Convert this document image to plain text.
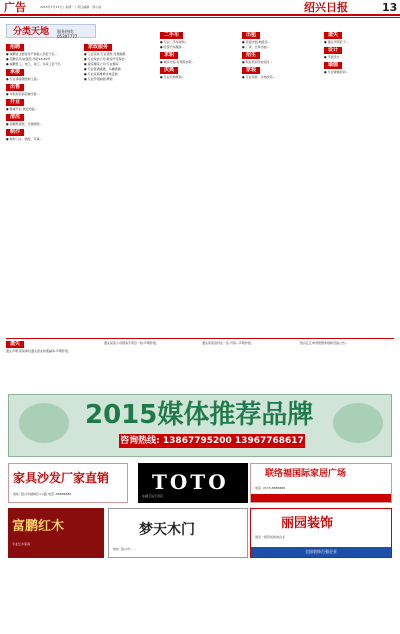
广告	2015年7月13日 | 星期一 | 责任编辑：邢小丽	绍兴日报	13
分类天地 服务热线: 05397777
招聘
● 诚聘自主经营房产销售人员若干名...
● 招聘店员/收银员,年龄18-35岁
● 诚聘普工、电工、钳工、车床工若干名
承接
● 专业承接钢结构工程...
出售
● 华轮村沿街店铺出售...
开业
● 隆重开业,欢迎光临...
清洗
● 油烟机清洗、空调清洗...
制作
● 制作门头、喷绘、写真...
家政服务
● 三亚家政:专业清洗,月嫂保姆
● 专业保洁公司:新房开荒保洁
● 爱家搬家公司:专业搬家
● 专业管道疏通、马桶疏通
● 专业家庭维修水电安装
● 专业开锁换锁,修锁
二手车
● 专业二手车收购...
● 旺泰汽车服务...
求职
● 诚实守信,有驾照求职...
庆典
● 专业庆典策划...
出租
● 店面出租,地段佳...
● 厂房、仓库出租...
招生
● 职业培训学校招生...
家装
● 专业家装、水电改造...
遗失
● 遗失声明若干...
设计
● 平面设计...
瑜伽
● 专业瑜伽培训...
遗失
遗失声明:某某单位遗失营业执照副本,声明作废。
遗失某某公司财务专用章一枚,声明作废。	遗失某某身份证一张,号码...声明作废。	绍兴江汇申贷款整件财新设备公告...
2015媒体推荐品牌
咨询热线: 13867795200 13967768617
家具沙发厂家直销
地址: 绍兴市越城区××路 电话: 88888888	TOTO
东湖卫浴专卖店
联络福国际家居广场
电话: 0575-8888888
富鹏红木
专业红木家具
梦天木门
地址: 绍兴市...
丽园装饰
国家一级资质装饰企业
全国装饰百强企业
